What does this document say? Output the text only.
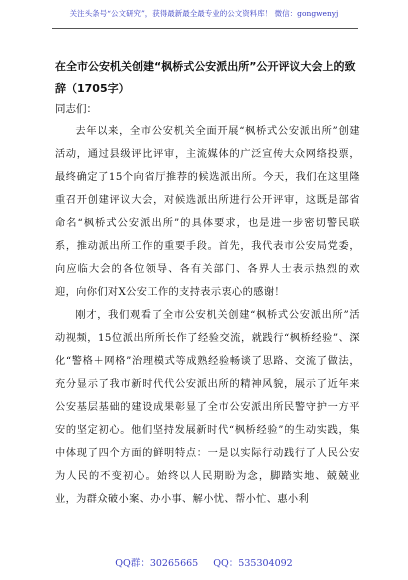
关注头条号“公文研究”，获得最新最全最专业的公文资料库！ 微信：gongwenyj
在全市公安机关创建“枫桥式公安派出所”公开评议大会上的致辞（1705字）
同志们：

去年以来，全市公安机关全面开展“枫桥式公安派出所”创建活动，通过县级评比评审，主流媒体的广泛宣传大众网络投票，最终确定了15个向省厅推荐的候选派出所。今天，我们在这里隆重召开创建评议大会，对候选派出所进行公开评审，这既是部省命名“枫桥式公安派出所”的具体要求，也是进一步密切警民联系，推动派出所工作的重要手段。首先，我代表市公安局党委，向应临大会的各位领导、各有关部门、各界人士表示热烈的欢迎，向你们对X公安工作的支持表示衷心的感谢！

刚才，我们观看了全市公安机关创建“枫桥式公安派出所”活动视频，15位派出所所长作了经验交流，就践行“枫桥经验”、深化“警格＋网格”治理模式等成熟经验畅谈了思路、交流了做法，充分显示了我市新时代代公安派出所的精神风貌，展示了近年来公安基层基础的建设成果彰显了全市公安派出所民警守护一方平安的坚定初心。他们坚持发展新时代“枫桥经验”的生动实践，集中体现了四个方面的鲜明特点：一是以实际行动践行了人民公安为人民的不变初心。始终以人民期盼为念，脚踏实地、兢兢业业，为群众破小案、办小事、解小忧、帮小忙、惠小利

QQ群：30265665 QQ：535304092
